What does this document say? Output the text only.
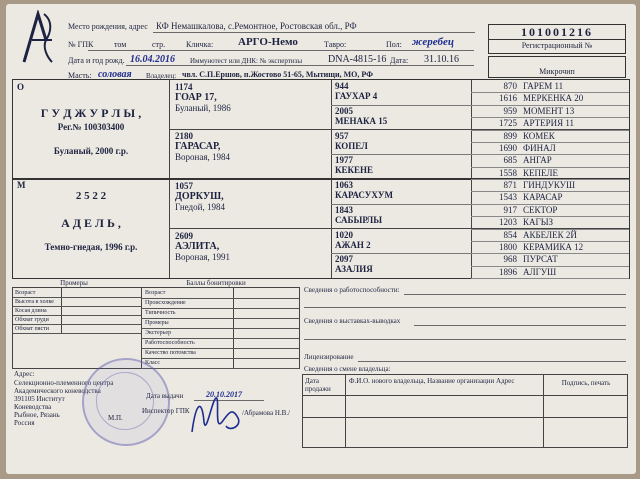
Место рождения, адрес КФ Немашкалова, с.Ремонтное, Ростовская обл., РФ
№ ГПК	том	стр.	Кличка: АРГО-Немо	Тавро:	Пол: жеребец
Дата и год рожд. 16.04.2016 Иммунотест или ДНК: № экспертизы	DNA-4815-16 Дата: 31.10.16
Масть: соловая Владелец: чвл. С.П.Ершов, п.Жостово 51-65, Мытищи, МО, РФ
101001216
Регистрационный №
Микрочип
О
Г У Д Ж У Р Л Ы ,
Рег.№ 100303400
Буланый, 2000 г.р.
М
2 5 2 2
А Д Е Л Ь ,
Темно-гнедая, 1996 г.р.
1174
ГОАР 17,
Буланый, 1986
2180
ГАРАСАР,
Вороная, 1984
1057
ДОРКУШ,
Гнедой, 1984
2609
АЭЛИТА,
Вороная, 1991
944
ГАУХАР 4
2005
МЕНАКА 15
957
КОПЕЛ
1977
КЕКЕНЕ
1063
КАРАСУХУМ
1843
САБЫРЛЫ
1020
АЖАН 2
2097
АЗАЛИЯ
870 ГАРЕМ 11
1616 МЕРКЕНКА 20
959 МОМЕНТ 13
1725 АРТЕРИЯ 11
899 КОМЕК
1690 ФИНАЛ
685 АНГАР
1558 КЕПЕЛЕ
871 ГИНДУКУШ
1543 КАРАСАР
917 СЕКТОР
1203 КАГЫЗ
854 АКБЕЛЕК 2Й
1800 КЕРАМИКА 12
968 ПУРСАТ
1896 АЛГУШ
Промеры	Баллы бонитировки
Возраст
Высота в холке
Косая длина
Обхват груди
Обхват пясти
Возраст
Происхождение
Типичность
Промеры
Экстерьер
Работоспособность
Качество потомства
Класс
Сведения о работоспособности:
Сведения о выставках-выводках
Лицензирование
Сведения о смене владельца:
Дата продажи
Ф.И.О. нового владельца, Название организации Адрес	Подпись, печать
Адрес:
Селекционно-племенного центра
Академического коневодства
391105 Институт
Коневодства
Рыбное, Рязань
Россия
Дата выдачи	20.10.2017
М.П.
Инспектор ГПК	/Абрамова Н.В./
